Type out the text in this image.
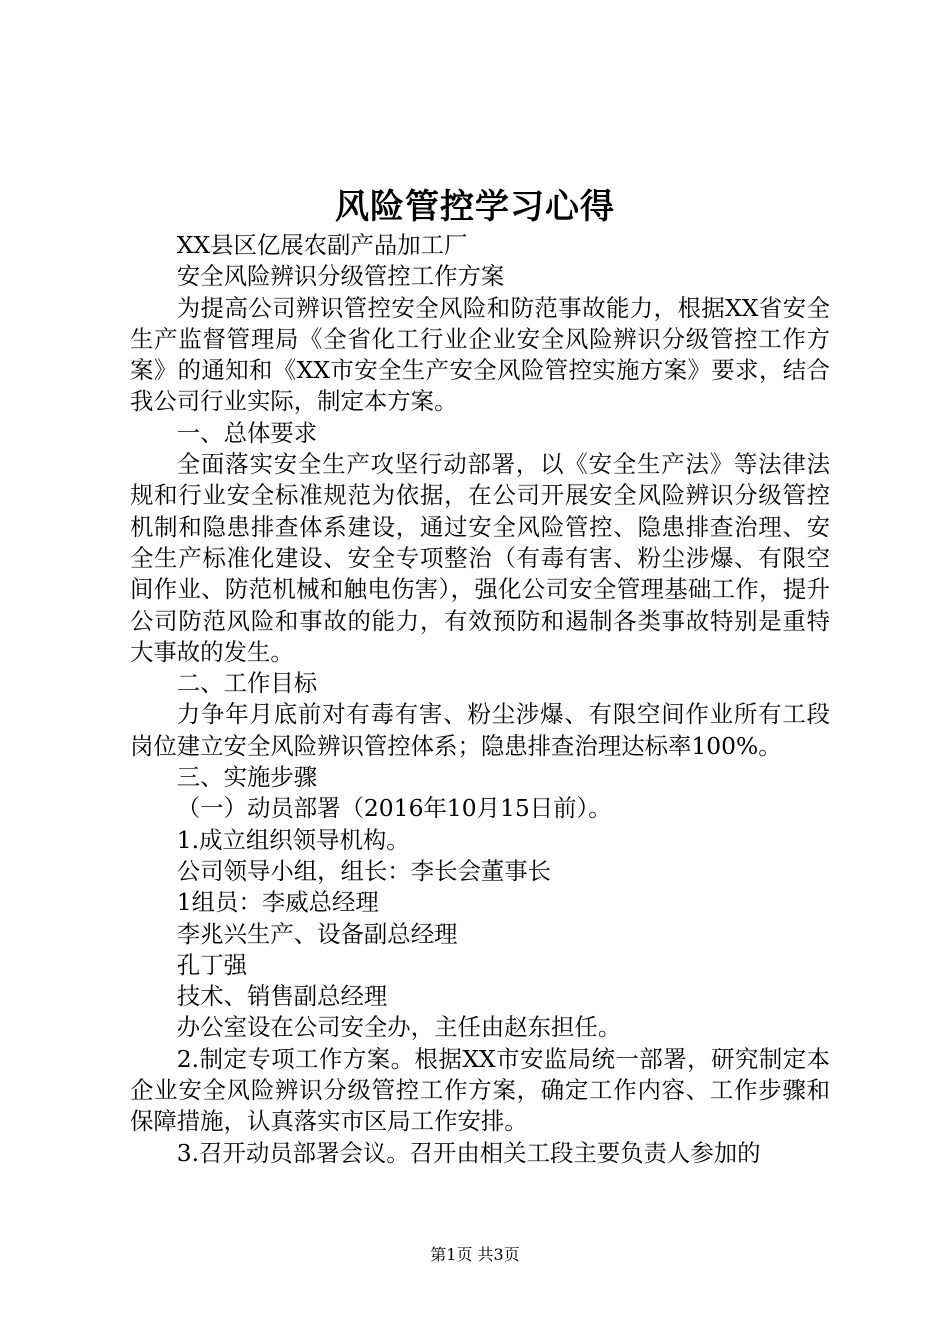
风险管控学习心得

XX县区亿展农副产品加工厂

安全风险辨识分级管控工作方案

为提高公司辨识管控安全风险和防范事故能力，根据XX省安全生产监督管理局《全省化工行业企业安全风险辨识分级管控工作方案》的通知和《XX市安全生产安全风险管控实施方案》要求，结合我公司行业实际，制定本方案。

一、总体要求

全面落实安全生产攻坚行动部署，以《安全生产法》等法律法规和行业安全标准规范为依据，在公司开展安全风险辨识分级管控机制和隐患排查体系建设，通过安全风险管控、隐患排查治理、安全生产标准化建设、安全专项整治（有毒有害、粉尘涉爆、有限空间作业、防范机械和触电伤害），强化公司安全管理基础工作，提升公司防范风险和事故的能力，有效预防和遏制各类事故特别是重特大事故的发生。

二、工作目标

力争年月底前对有毒有害、粉尘涉爆、有限空间作业所有工段岗位建立安全风险辨识管控体系；隐患排查治理达标率100%。

三、实施步骤

（一）动员部署（2016年10月15日前）。

1.成立组织领导机构。

公司领导小组，组长：李长会董事长

1组员：李威总经理

李兆兴生产、设备副总经理

孔丁强

技术、销售副总经理

办公室设在公司安全办，主任由赵东担任。

2.制定专项工作方案。根据XX市安监局统一部署，研究制定本企业安全风险辨识分级管控工作方案，确定工作内容、工作步骤和保障措施，认真落实市区局工作安排。

3.召开动员部署会议。召开由相关工段主要负责人参加的

第1页 共3页
